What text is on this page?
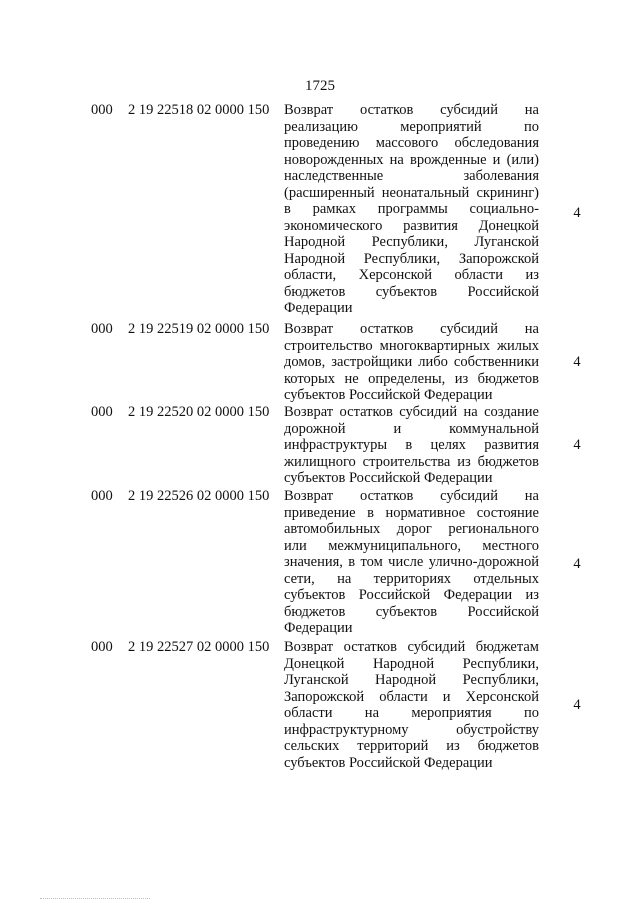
1725
000 2 19 22518 02 0000 150 Возврат остатков субсидий на реализацию мероприятий по проведению массового обследования новорожденных на врожденные и (или) наследственные заболевания (расширенный неонатальный скрининг) в рамках программы социально-экономического развития Донецкой Народной Республики, Луганской Народной Республики, Запорожской области, Херсонской области из бюджетов субъектов Российской Федерации
4
000 2 19 22519 02 0000 150 Возврат остатков субсидий на строительство многоквартирных жилых домов, застройщики либо собственники которых не определены, из бюджетов субъектов Российской Федерации
4
000 2 19 22520 02 0000 150 Возврат остатков субсидий на создание дорожной и коммунальной инфраструктуры в целях развития жилищного строительства из бюджетов субъектов Российской Федерации
4
000 2 19 22526 02 0000 150 Возврат остатков субсидий на приведение в нормативное состояние автомобильных дорог регионального или межмуниципального, местного значения, в том числе улично-дорожной сети, на территориях отдельных субъектов Российской Федерации из бюджетов субъектов Российской Федерации
4
000 2 19 22527 02 0000 150 Возврат остатков субсидий бюджетам Донецкой Народной Республики, Луганской Народной Республики, Запорожской области и Херсонской области на мероприятия по инфраструктурному обустройству сельских территорий из бюджетов субъектов Российской Федерации
4
